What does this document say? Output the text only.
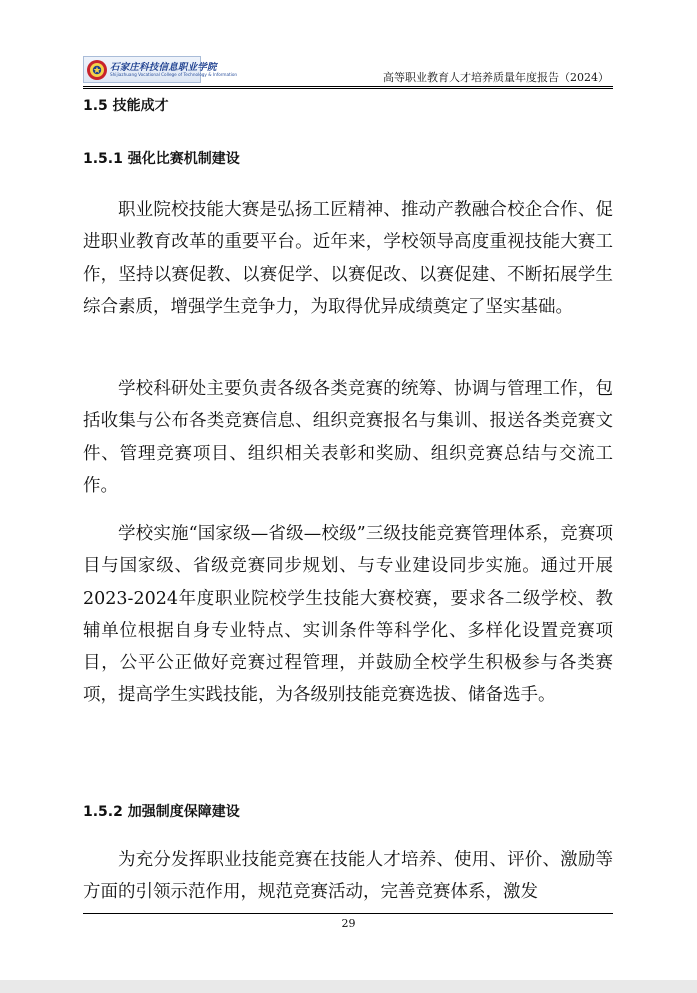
石家庄科技信息职业学院
Shijiazhuang Vocational College of Technology & Information	高等职业教育人才培养质量年度报告（2024）
1.5 技能成才
1.5.1 强化比赛机制建设

职业院校技能大赛是弘扬工匠精神、推动产教融合校企合作、促进职业教育改革的重要平台。近年来，学校领导高度重视技能大赛工作，坚持以赛促教、以赛促学、以赛促改、以赛促建、不断拓展学生综合素质，增强学生竞争力，为取得优异成绩奠定了坚实基础。

学校科研处主要负责各级各类竞赛的统筹、协调与管理工作，包括收集与公布各类竞赛信息、组织竞赛报名与集训、报送各类竞赛文件、管理竞赛项目、组织相关表彰和奖励、组织竞赛总结与交流工作。

学校实施“国家级—省级—校级”三级技能竞赛管理体系，竞赛项目与国家级、省级竞赛同步规划、与专业建设同步实施。通过开展2023-2024年度职业院校学生技能大赛校赛，要求各二级学校、教辅单位根据自身专业特点、实训条件等科学化、多样化设置竞赛项目，公平公正做好竞赛过程管理，并鼓励全校学生积极参与各类赛项，提高学生实践技能，为各级别技能竞赛选拔、储备选手。

1.5.2 加强制度保障建设

为充分发挥职业技能竞赛在技能人才培养、使用、评价、激励等方面的引领示范作用，规范竞赛活动，完善竞赛体系，激发

29
